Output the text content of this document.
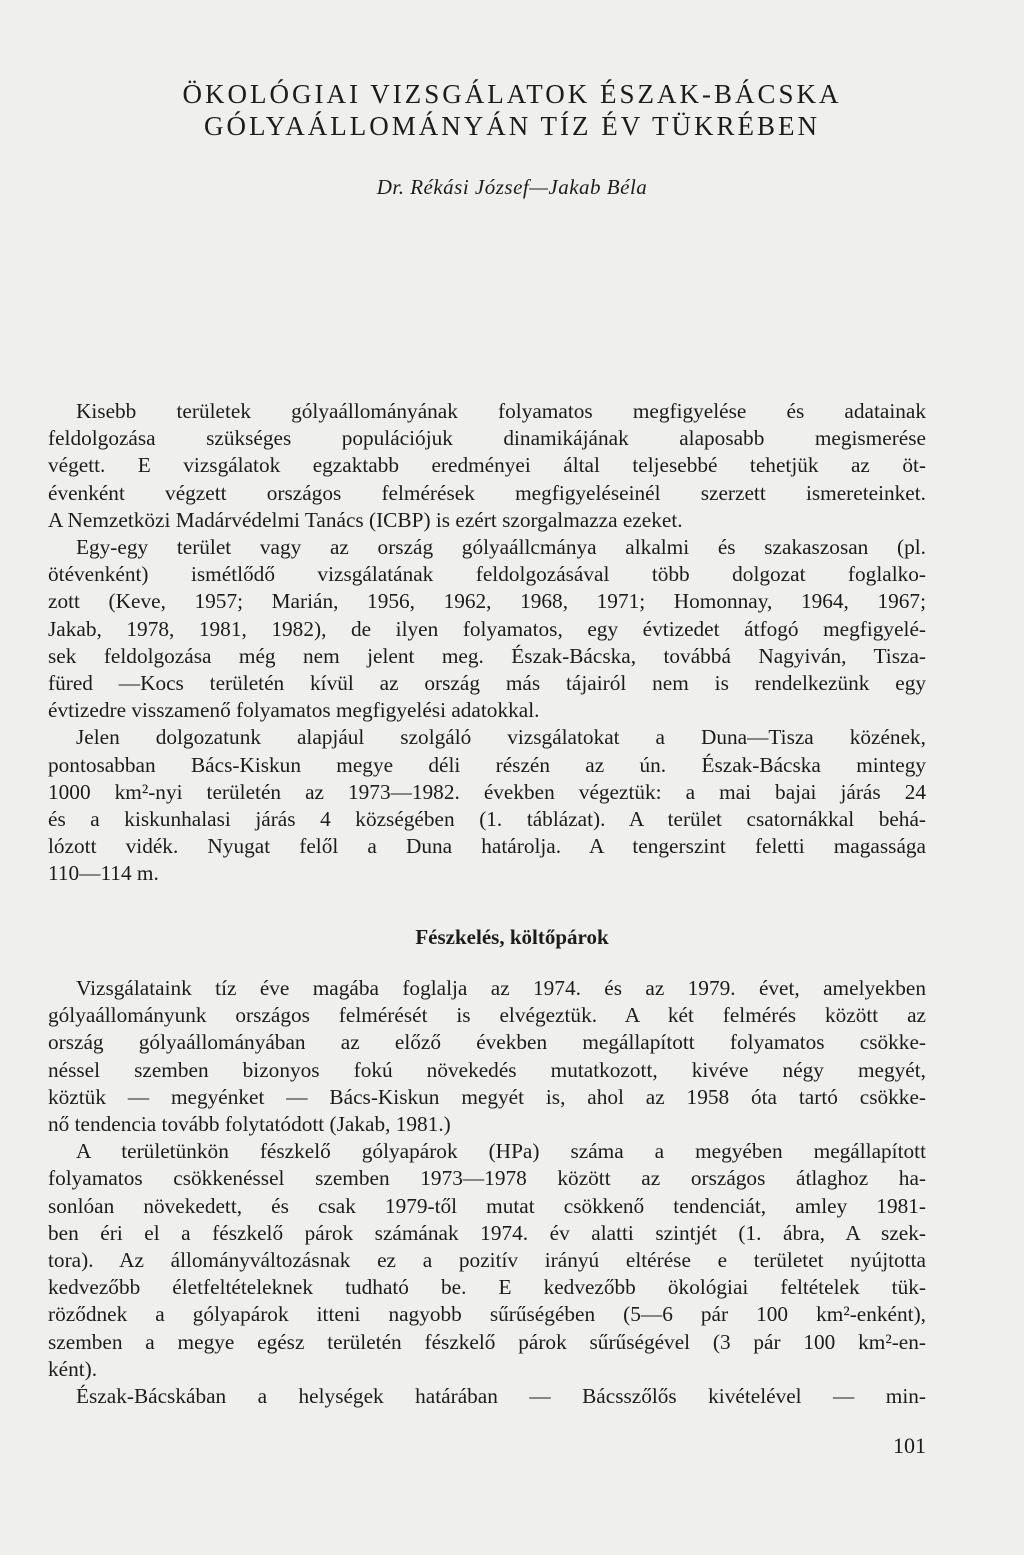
ÖKOLÓGIAI VIZSGÁLATOK ÉSZAK-BÁCSKA
GÓLYAÁLLOMÁNYÁN TÍZ ÉV TÜKRÉBEN
Dr. Rékási József—Jakab Béla
Kisebb területek gólyaállományának folyamatos megfigyelése és adatainak
feldolgozása szükséges populációjuk dinamikájának alaposabb megismerése
végett. E vizsgálatok egzaktabb eredményei által teljesebbé tehetjük az öt-
évenként végzett országos felmérések megfigyeléseinél szerzett ismereteinket.
A Nemzetközi Madárvédelmi Tanács (ICBP) is ezért szorgalmazza ezeket.
Egy-egy terület vagy az ország gólyaállcmánya alkalmi és szakaszosan (pl.
ötévenként) ismétlődő vizsgálatának feldolgozásával több dolgozat foglalko-
zott (Keve, 1957; Marián, 1956, 1962, 1968, 1971; Homonnay, 1964, 1967;
Jakab, 1978, 1981, 1982), de ilyen folyamatos, egy évtizedet átfogó megfigyelé-
sek feldolgozása még nem jelent meg. Észak-Bácska, továbbá Nagyiván, Tisza-
füred —Kocs területén kívül az ország más tájairól nem is rendelkezünk egy
évtizedre visszamenő folyamatos megfigyelési adatokkal.
Jelen dolgozatunk alapjául szolgáló vizsgálatokat a Duna—Tisza közének,
pontosabban Bács-Kiskun megye déli részén az ún. Észak-Bácska mintegy
1000 km²-nyi területén az 1973—1982. években végeztük: a mai bajai járás 24
és a kiskunhalasi járás 4 községében (1. táblázat). A terület csatornákkal behá-
lózott vidék. Nyugat felől a Duna határolja. A tengerszint feletti magassága
110—114 m.
Fészkelés, költőpárok
Vizsgálataink tíz éve magába foglalja az 1974. és az 1979. évet, amelyekben
gólyaállományunk országos felmérését is elvégeztük. A két felmérés között az
ország gólyaállományában az előző években megállapított folyamatos csökke-
néssel szemben bizonyos fokú növekedés mutatkozott, kivéve négy megyét,
köztük — megyénket — Bács-Kiskun megyét is, ahol az 1958 óta tartó csökke-
nő tendencia tovább folytatódott (Jakab, 1981.)
A területünkön fészkelő gólyapárok (HPa) száma a megyében megállapított
folyamatos csökkenéssel szemben 1973—1978 között az országos átlaghoz ha-
sonlóan növekedett, és csak 1979-től mutat csökkenő tendenciát, amley 1981-
ben éri el a fészkelő párok számának 1974. év alatti szintjét (1. ábra, A szek-
tora). Az állományváltozásnak ez a pozitív irányú eltérése e területet nyújtotta
kedvezőbb életfeltételeknek tudható be. E kedvezőbb ökológiai feltételek tük-
röződnek a gólyapárok itteni nagyobb sűrűségében (5—6 pár 100 km²-enként),
szemben a megye egész területén fészkelő párok sűrűségével (3 pár 100 km²-en-
ként).
Észak-Bácskában a helységek határában — Bácsszőlős kivételével — min-
101
